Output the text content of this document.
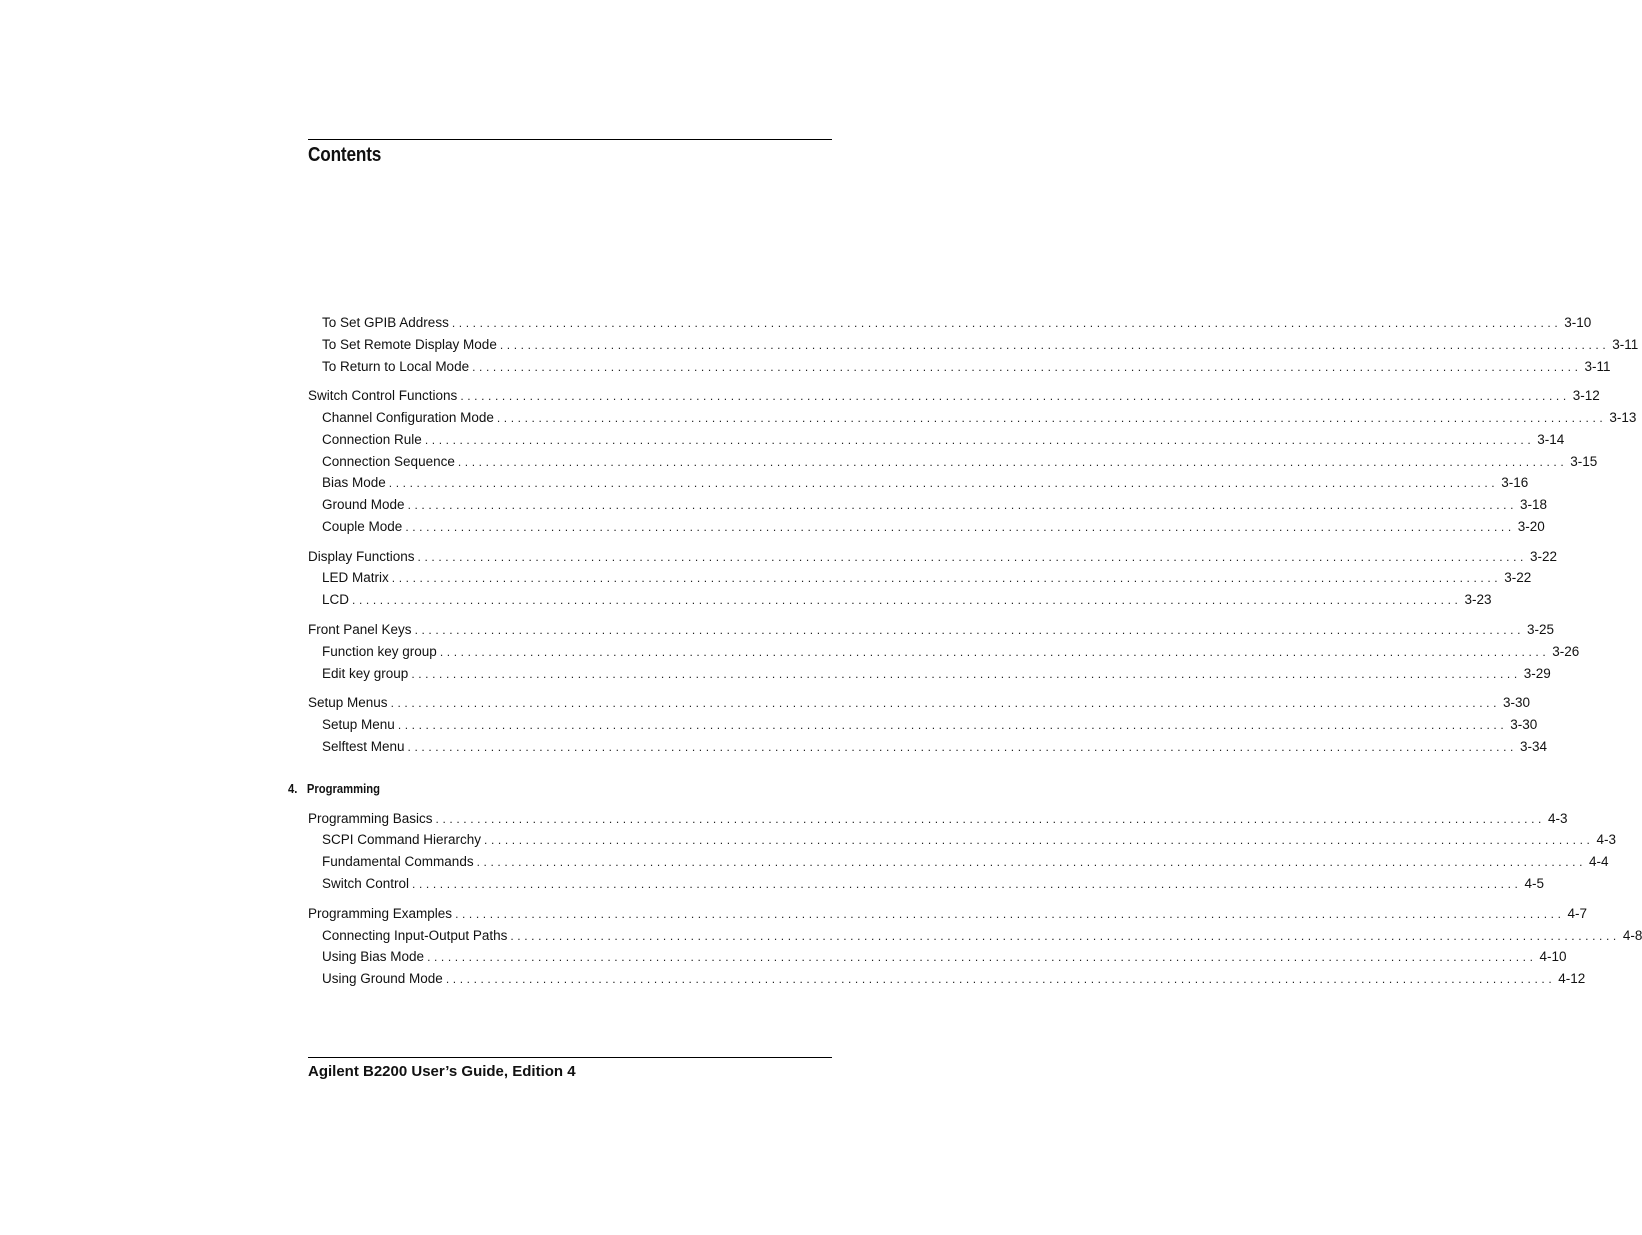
Contents
To Set GPIB Address ................................................................................................................................................................ 3-10
To Set Remote Display Mode ................................................................................................................................................................ 3-11
To Return to Local Mode ................................................................................................................................................................ 3-11
Switch Control Functions ................................................................................................................................................................ 3-12
Channel Configuration Mode ................................................................................................................................................................ 3-13
Connection Rule ................................................................................................................................................................ 3-14
Connection Sequence ................................................................................................................................................................ 3-15
Bias Mode ................................................................................................................................................................ 3-16
Ground Mode ................................................................................................................................................................ 3-18
Couple Mode ................................................................................................................................................................ 3-20
Display Functions ................................................................................................................................................................ 3-22
LED Matrix ................................................................................................................................................................ 3-22
LCD ................................................................................................................................................................ 3-23
Front Panel Keys ................................................................................................................................................................ 3-25
Function key group ................................................................................................................................................................ 3-26
Edit key group ................................................................................................................................................................ 3-29
Setup Menus ................................................................................................................................................................ 3-30
Setup Menu ................................................................................................................................................................ 3-30
Selftest Menu ................................................................................................................................................................ 3-34
Programming Basics ................................................................................................................................................................ 4-3
SCPI Command Hierarchy ................................................................................................................................................................ 4-3
Fundamental Commands ................................................................................................................................................................ 4-4
Switch Control ................................................................................................................................................................ 4-5
Programming Examples ................................................................................................................................................................ 4-7
Connecting Input-Output Paths ................................................................................................................................................................ 4-8
Using Bias Mode ................................................................................................................................................................ 4-10
Using Ground Mode ................................................................................................................................................................ 4-12
4. Programming
Agilent B2200 User’s Guide, Edition 4
